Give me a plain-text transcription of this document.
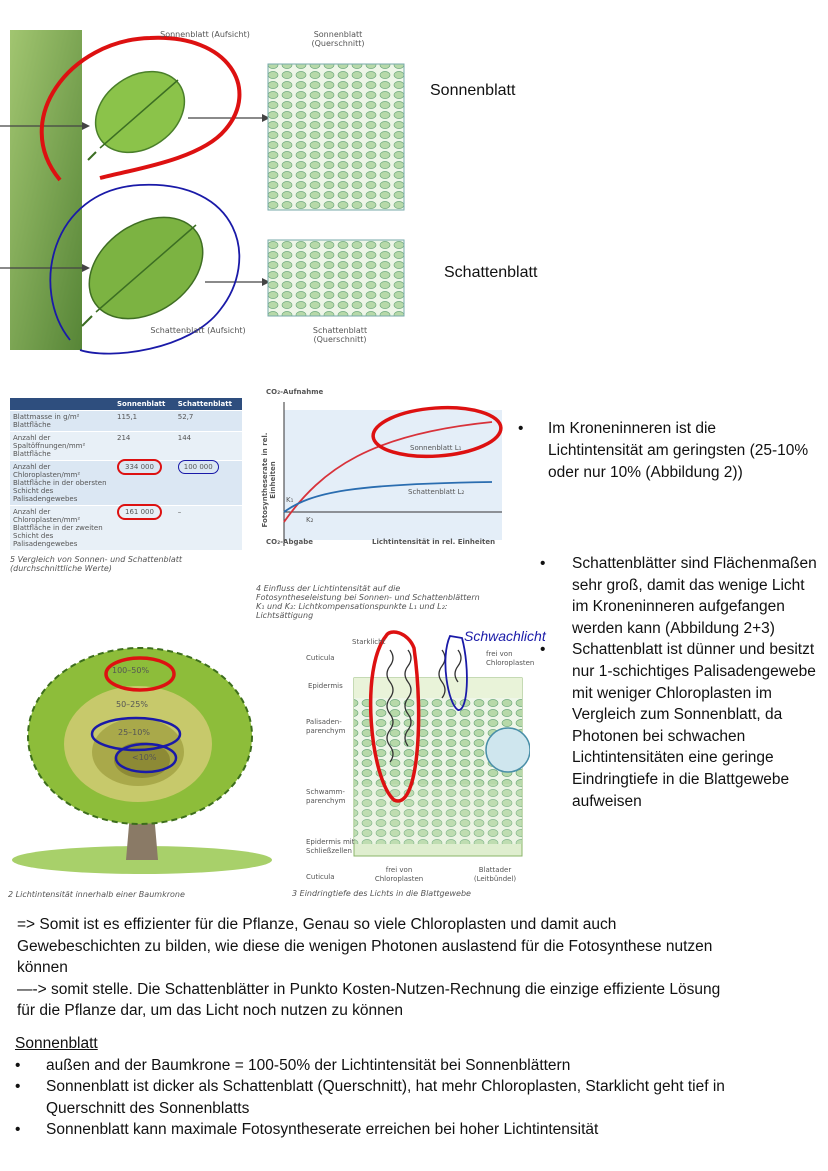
Sonnenblatt (Aufsicht)	Sonnenblatt (Querschnitt)
Schattenblatt (Aufsicht)	Schattenblatt (Querschnitt)
Sonnenblatt
Schattenblatt
	Sonnenblatt	Schattenblatt
Blattmasse in g/m² Blattfläche	115,1	52,7
Anzahl der Spaltöffnungen/mm² Blattfläche	214	144
Anzahl der Chloroplasten/mm² Blattfläche in der obersten Schicht des Palisadengewebes	334 000	100 000
Anzahl der Chloroplasten/mm² Blattfläche in der zweiten Schicht des Palisadengewebes	161 000	–
5 Vergleich von Sonnen- und Schattenblatt (durchschnittliche Werte)
CO₂-Aufnahme
Fotosyntheserate in rel. Einheiten
CO₂-Abgabe	Lichtintensität in rel. Einheiten
Sonnenblatt L₁
Schattenblatt L₂
K₁
K₂
4 Einfluss der Lichtintensität auf die Fotosyntheseleistung bei Sonnen- und Schattenblättern K₁ und K₂: Lichtkompensationspunkte L₁ und L₂: Lichtsättigung
100–50%
50–25%
25–10%
<10%
2 Lichtintensität innerhalb einer Baumkrone
Starklicht	Schwachlicht
Cuticula
Epidermis
Palisaden-parenchym
Schwamm-parenchym
Epidermis mit Schließzellen
Cuticula
frei von Chloroplasten
frei von Chloroplasten
Blattader (Leitbündel)
3 Eindringtiefe des Lichts in die Blattgewebe
• Im Kroneninneren ist die Lichtintensität am geringsten (25-10% oder nur 10% (Abbildung 2))
• Schattenblätter sind Flächenmaßen sehr groß, damit das wenige Licht im Kroneninneren aufgefangen werden kann (Abbildung 2+3)
• Schattenblatt ist dünner und besitzt nur 1-schichtiges Palisadengewebe mit weniger Chloroplasten im Vergleich zum Sonnenblatt, da Photonen bei schwachen Lichtintensitäten eine geringe Eindringtiefe in die Blattgewebe aufweisen
=> Somit ist es effizienter für die Pflanze, Genau so viele Chloroplasten und damit auch Gewebeschichten zu bilden, wie diese die wenigen Photonen auslastend für die Fotosynthese nutzen können
—-> somit stelle. Die Schattenblätter in Punkto Kosten-Nutzen-Rechnung die einzige effiziente Lösung für die Pflanze dar, um das Licht noch nutzen zu können
Sonnenblatt
• außen and der Baumkrone = 100-50% der Lichtintensität bei Sonnenblättern
• Sonnenblatt ist dicker als Schattenblatt (Querschnitt), hat mehr Chloroplasten, Starklicht geht tief in Querschnitt des Sonnenblatts
• Sonnenblatt kann maximale Fotosyntheserate erreichen bei hoher Lichtintensität
